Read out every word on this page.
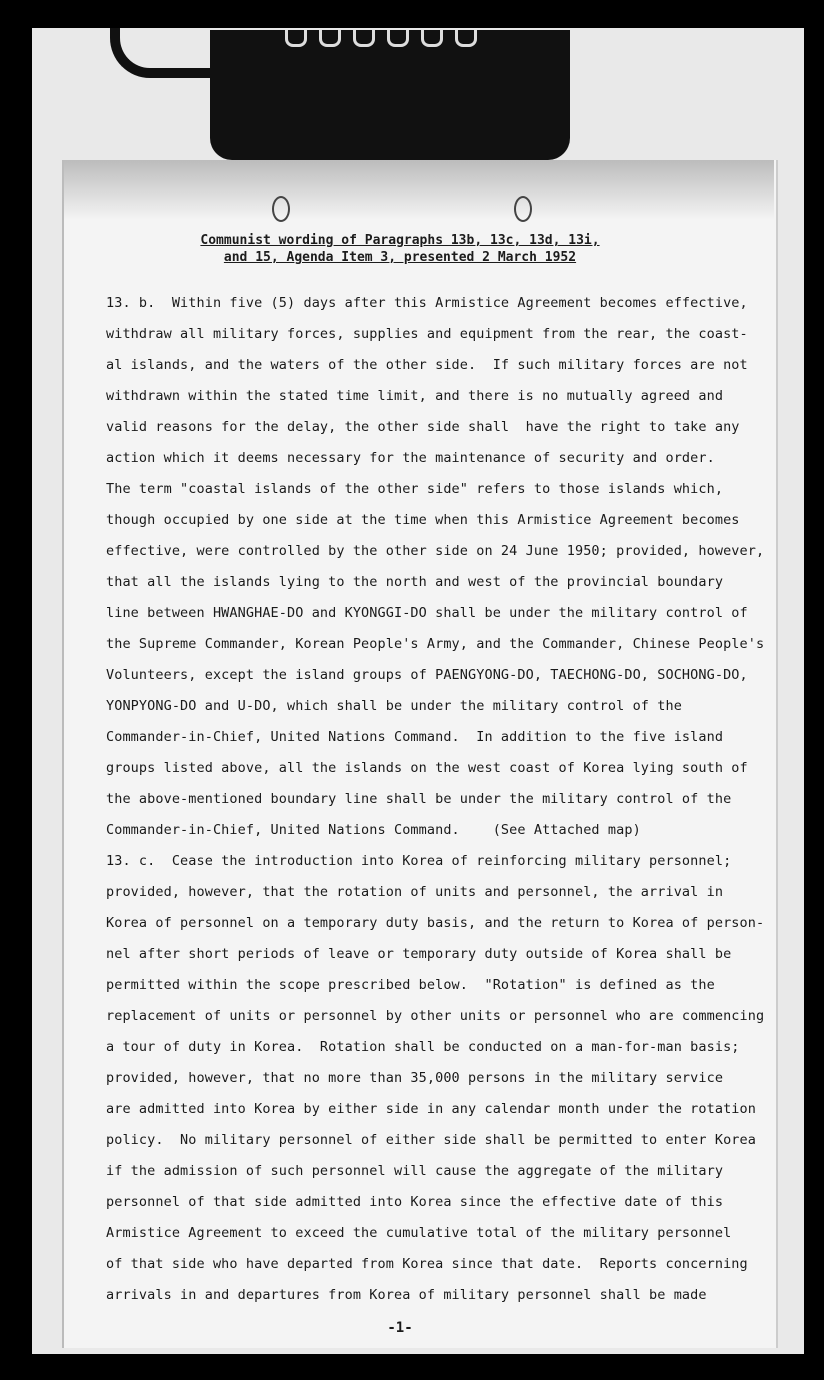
Communist wording of Paragraphs 13b, 13c, 13d, 13i,
and 15, Agenda Item 3, presented 2 March 1952
13. b.  Within five (5) days after this Armistice Agreement becomes effective,
withdraw all military forces, supplies and equipment from the rear, the coast-
al islands, and the waters of the other side.  If such military forces are not
withdrawn within the stated time limit, and there is no mutually agreed and
valid reasons for the delay, the other side shall  have the right to take any
action which it deems necessary for the maintenance of security and order.
The term "coastal islands of the other side" refers to those islands which,
though occupied by one side at the time when this Armistice Agreement becomes
effective, were controlled by the other side on 24 June 1950; provided, however,
that all the islands lying to the north and west of the provincial boundary
line between HWANGHAE-DO and KYONGGI-DO shall be under the military control of
the Supreme Commander, Korean People's Army, and the Commander, Chinese People's
Volunteers, except the island groups of PAENGYONG-DO, TAECHONG-DO, SOCHONG-DO,
YONPYONG-DO and U-DO, which shall be under the military control of the
Commander-in-Chief, United Nations Command.  In addition to the five island
groups listed above, all the islands on the west coast of Korea lying south of
the above-mentioned boundary line shall be under the military control of the
Commander-in-Chief, United Nations Command.    (See Attached map)
13. c.  Cease the introduction into Korea of reinforcing military personnel;
provided, however, that the rotation of units and personnel, the arrival in
Korea of personnel on a temporary duty basis, and the return to Korea of person-
nel after short periods of leave or temporary duty outside of Korea shall be
permitted within the scope prescribed below.  "Rotation" is defined as the
replacement of units or personnel by other units or personnel who are commencing
a tour of duty in Korea.  Rotation shall be conducted on a man-for-man basis;
provided, however, that no more than 35,000 persons in the military service
are admitted into Korea by either side in any calendar month under the rotation
policy.  No military personnel of either side shall be permitted to enter Korea
if the admission of such personnel will cause the aggregate of the military
personnel of that side admitted into Korea since the effective date of this
Armistice Agreement to exceed the cumulative total of the military personnel
of that side who have departed from Korea since that date.  Reports concerning
arrivals in and departures from Korea of military personnel shall be made
-1-
